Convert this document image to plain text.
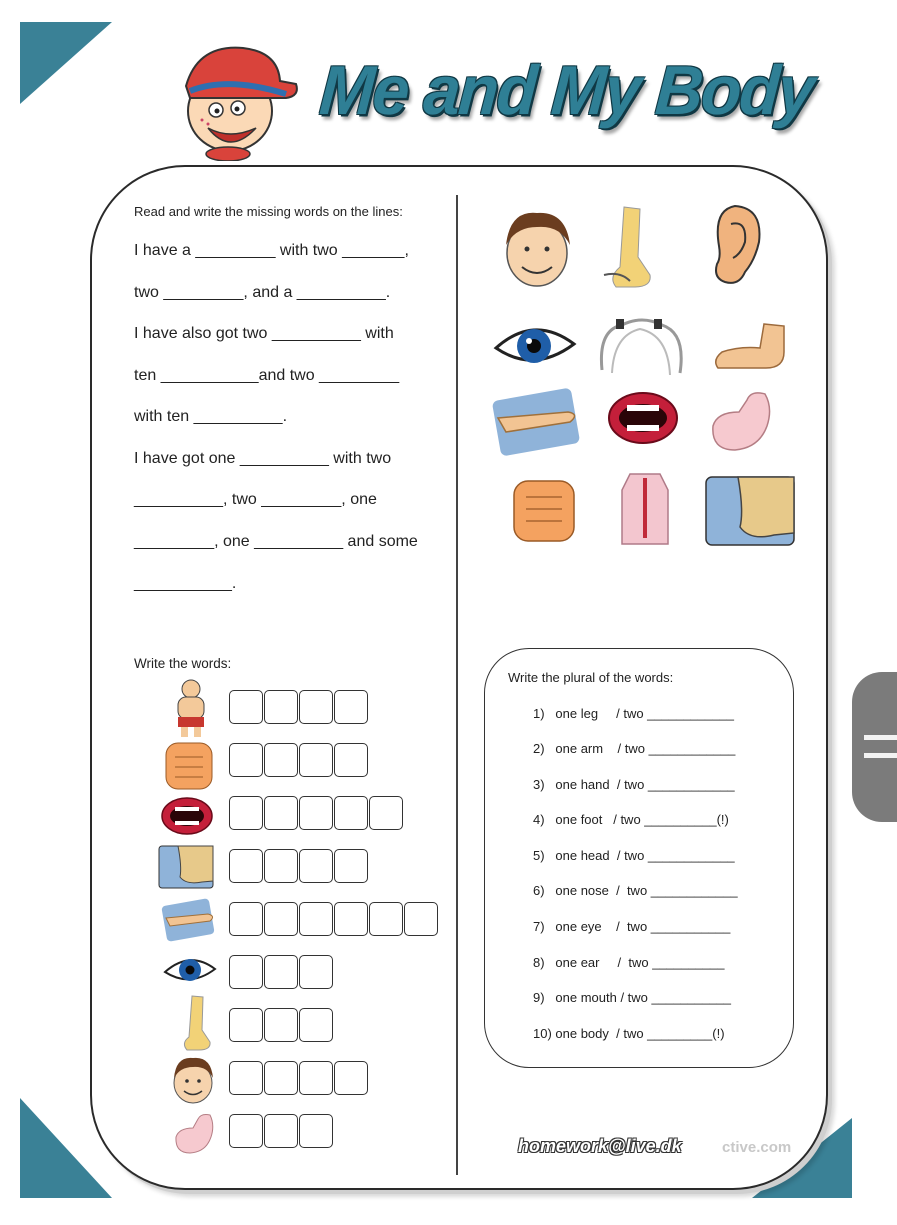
Me and My Body
Read and write the missing words on the lines:
I have a _________ with two _______,
two _________, and a __________.
I have also got two __________ with
ten ___________and two _________
with ten __________.
I have got one __________ with two
__________, two _________, one
_________, one __________ and some
___________.
Write the words:
Write the plural of the words:
1)   one leg     / two ____________
2)   one arm    / two ____________
3)   one hand  / two ____________
4)   one foot   / two __________(!)
5)   one head  / two ____________
6)   one nose  /  two ____________
7)   one eye    /  two ___________
8)   one ear     /  two __________
9)   one mouth / two ___________
10) one body  / two _________(!)
homework@live.dk	ctive.com
